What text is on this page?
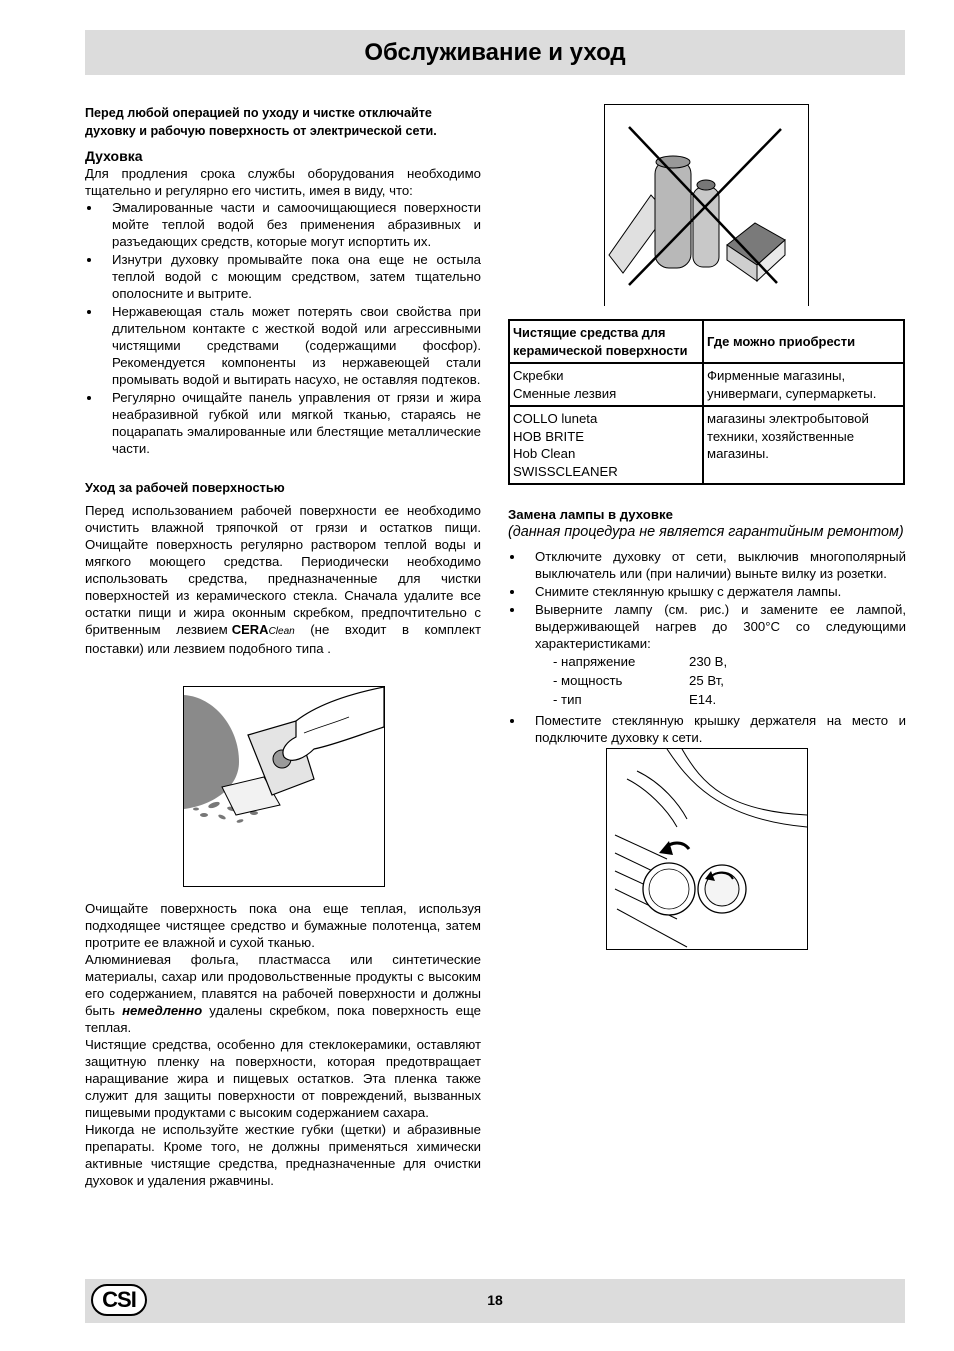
Обслуживание и уход

Перед любой операцией по уходу и чистке отключайте духовку и рабочую поверхность от электрической сети.

Духовка

Для продления срока службы оборудования необходимо тщательно и регулярно его чистить, имея в виду, что:

Эмалированные части и самоочищающиеся поверхности мойте теплой водой без применения абразивных и разъедающих средств, которые могут испортить их.
Изнутри духовку промывайте пока она еще не остыла теплой водой с моющим средством, затем тщательно ополосните и вытрите.
Нержавеющая сталь может потерять свои свойства при длительном контакте с жесткой водой или агрессивными чистящими средствами (содержащими фосфор). Рекомендуется компоненты из нержавеющей стали промывать водой и вытирать насухо, не оставляя подтеков.
Регулярно очищайте панель управления от грязи и жира неабразивной губкой или мягкой тканью, стараясь не поцарапать эмалированные или блестящие металлические части.

Уход за рабочей поверхностью

Перед использованием рабочей поверхности ее необходимо очистить влажной тряпочкой от грязи и остатков пищи. Очищайте поверхность регулярно раствором теплой воды и мягкого моющего средства. Периодически необходимо использовать средства, предназначенные для чистки поверхностей из керамического стекла. Сначала удалите все остатки пищи и жира оконным скребком, предпочтительно с бритвенным лезвием CERAClean (не входит в комплект поставки) или лезвием подобного типа .

Очищайте поверхность пока она еще теплая, используя подходящее чистящее средство и бумажные полотенца, затем протрите ее влажной и сухой тканью.

Алюминиевая фольга, пластмасса или синтетические материалы, сахар или продовольственные продукты с высоким его содержанием, плавятся на рабочей поверхности и должны быть немедленно удалены скребком, пока поверхность еще теплая.

Чистящие средства, особенно для стеклокерамики, оставляют защитную пленку на поверхности, которая предотвращает наращивание жира и пищевых остатков. Эта пленка также служит для защиты поверхности от повреждений, вызванных пищевыми продуктами с высоким содержанием сахара.

Никогда не используйте жесткие губки (щетки) и абразивные препараты. Кроме того, не должны применяться химически активные чистящие средства, предназначенные для очистки духовок и удаления ржавчины.

Чистящие средства для керамической поверхности	Где можно приобрести

Скребки
Сменные лезвия	Фирменные магазины, универмаги, супермаркеты.

COLLO luneta
HOB BRITE
Hob Clean
SWISSCLEANER	магазины электробытовой техники, хозяйственные магазины.

Замена лампы в духовке

(данная процедура не является гарантийным ремонтом)

Отключите духовку от сети, выключив многополярный выключатель или (при наличии) выньте вилку из розетки.
Снимите стеклянную крышку с держателя лампы.
Выверните лампу (см. рис.) и замените ее лампой, выдерживающей нагрев до 300°С со следующими характеристиками:
- напряжение	230 В,
- мощность	25 Вт,
- тип	E14.
Поместите стеклянную крышку держателя на место и подключите духовку к сети.
CSI	18
